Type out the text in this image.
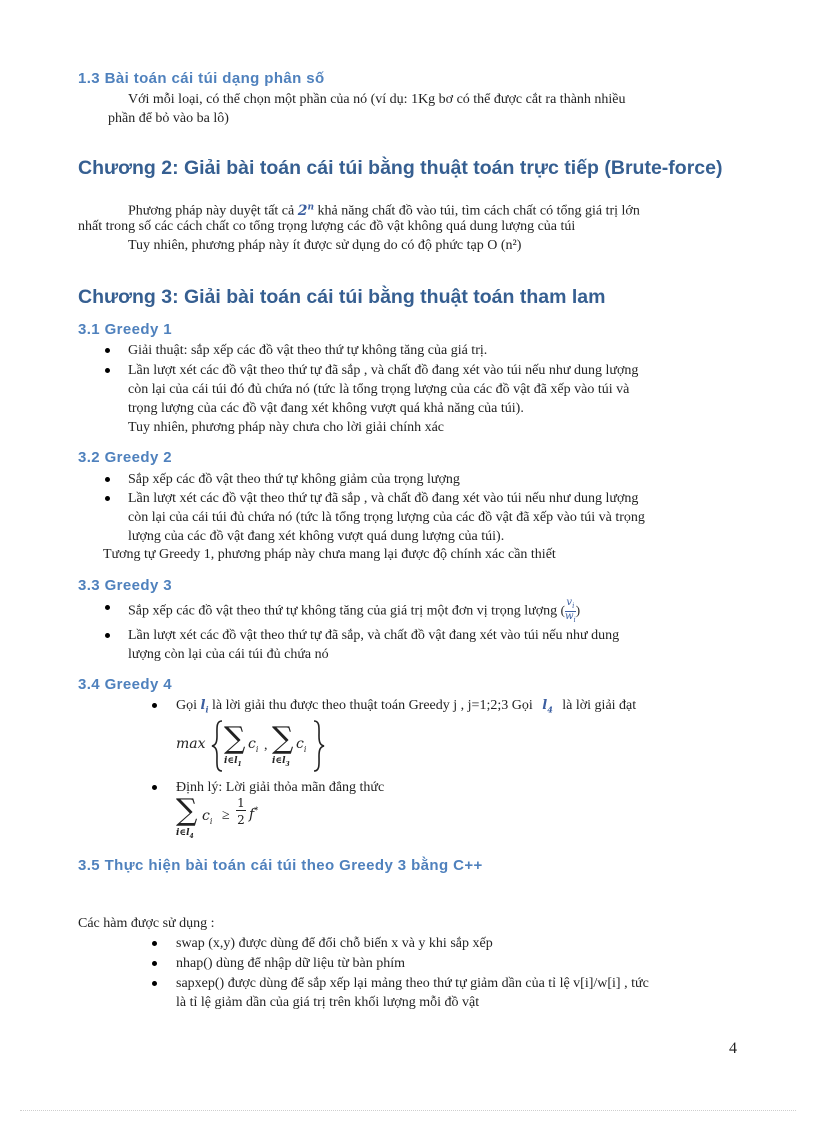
1.3 Bài toán cái túi dạng phân số
Với mỗi loại, có thể chọn một phần của nó (ví dụ: 1Kg bơ có thể được cắt ra thành nhiều
phần để bỏ vào ba lô)
Chương 2: Giải bài toán cái túi bằng thuật toán trực tiếp (Brute-force)
Phương pháp này duyệt tất cả 2$^n$ khả năng chất đồ vào túi, tìm cách chất có tổng giá trị lớn
nhất trong số các cách chất co tổng trọng lượng các đồ vật không quá dung lượng của túi
Tuy nhiên, phương pháp này ít được sử dụng do có độ phức tạp O (n²)
Chương 3: Giải bài toán cái túi bằng thuật toán tham lam
3.1 Greedy 1
Giải thuật: sắp xếp các đồ vật theo thứ tự không tăng của giá trị.
Lần lượt xét các đồ vật theo thứ tự đã sắp , và chất đồ đang xét vào túi nếu như dung lượng
còn lại của cái túi đó đủ chứa nó (tức là tổng trọng lượng của các đồ vật đã xếp vào túi và
trọng lượng của các đồ vật đang xét không vượt quá khả năng của túi).
Tuy nhiên, phương pháp này chưa cho lời giải chính xác
3.2 Greedy 2
Sắp xếp các đồ vật theo thứ tự không giảm của trọng lượng
Lần lượt xét các đồ vật theo thứ tự đã sắp , và chất đồ đang xét vào túi nếu như dung lượng
còn lại của cái túi đủ chứa nó (tức là tổng trọng lượng của các đồ vật đã xếp vào túi và trọng
lượng của các đồ vật đang xét không vượt quá dung lượng của túi).
Tương tự Greedy 1, phương pháp này chưa mang lại được độ chính xác cần thiết
3.3 Greedy 3
Sắp xếp các đồ vật theo thứ tự không tăng của giá trị một đơn vị trọng lượng ( $\frac{v_i}{w_i}$ )
Lần lượt xét các đồ vật theo thứ tự đã sắp, và chất đồ vật đang xét vào túi nếu như dung
lượng còn lại của cái túi đủ chứa nó
3.4 Greedy 4
Gọi $l_i$ là lời giải thu được theo thuật toán Greedy j , j=1;2;3 Gọi $l_4$ là lời giải đạt
max ∑
$i\in l_1$
$c_i$ , ∑
$i\in l_3$
$c_i$
Định lý: Lời giải thỏa mãn đẳng thức
∑
$i\in l_4$
$c_i$ ≥
1
2 f*
3.5 Thực hiện bài toán cái túi theo Greedy 3 bằng C++
Các hàm được sử dụng :
swap (x,y) được dùng để đổi chỗ biến x và y khi sắp xếp
nhap() dùng để nhập dữ liệu từ bàn phím
sapxep() được dùng để sắp xếp lại mảng theo thứ tự giảm dần của tỉ lệ v[i]/w[i] , tức
là tỉ lệ giảm dần của giá trị trên khối lượng mỗi đồ vật
4
